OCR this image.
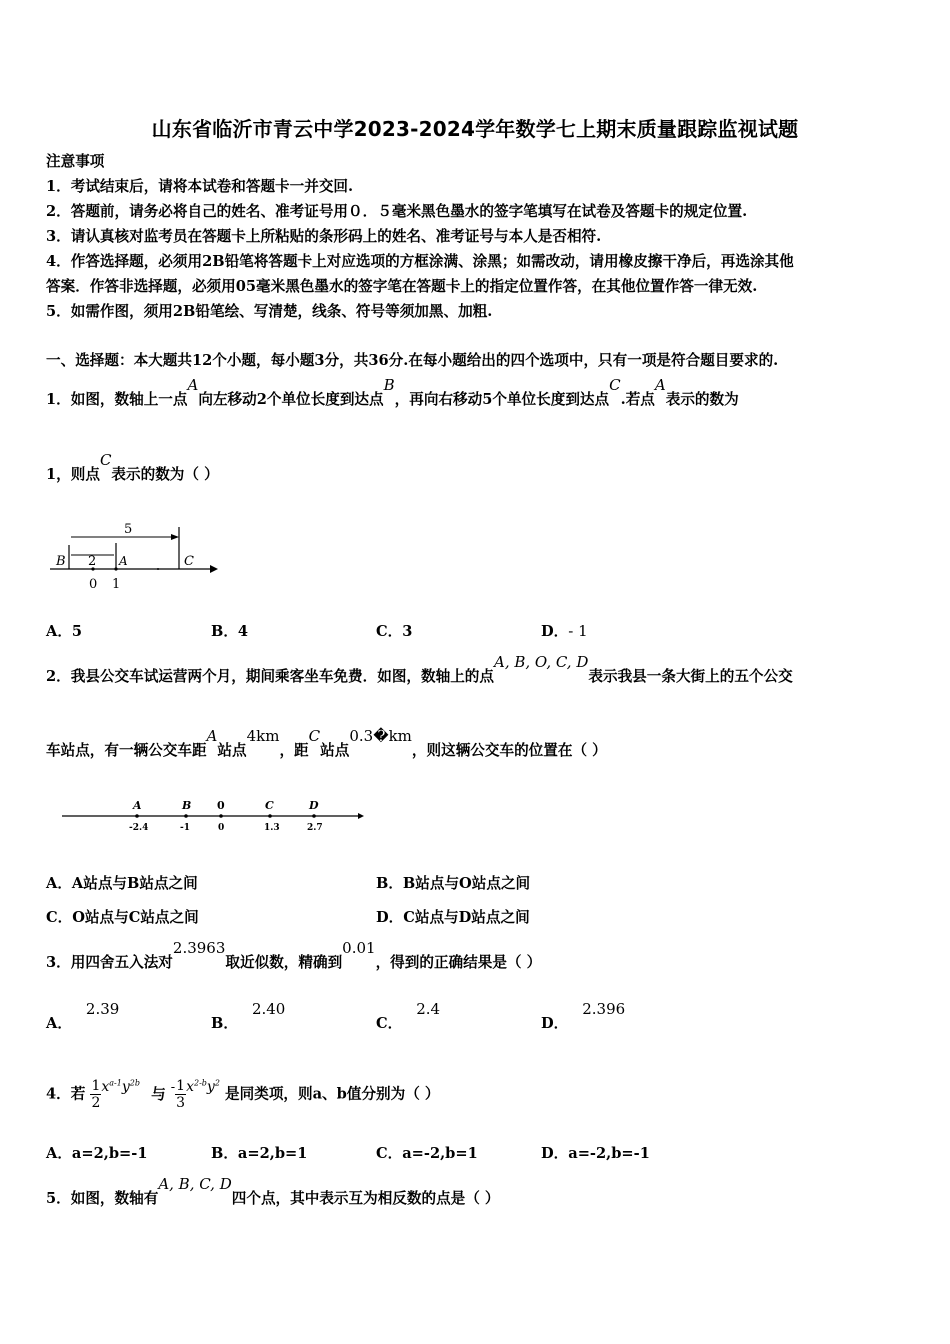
山东省临沂市青云中学2023-2024学年数学七上期末质量跟踪监视试题
注意事项
1．考试结束后，请将本试卷和答题卡一并交回.
2．答题前，请务必将自己的姓名、准考证号用０．５毫米黑色墨水的签字笔填写在试卷及答题卡的规定位置.
3．请认真核对监考员在答题卡上所粘贴的条形码上的姓名、准考证号与本人是否相符.
4．作答选择题，必须用2B铅笔将答题卡上对应选项的方框涂满、涂黑；如需改动，请用橡皮擦干净后，再选涂其他
答案．作答非选择题，必须用05毫米黑色墨水的签字笔在答题卡上的指定位置作答，在其他位置作答一律无效.
5．如需作图，须用2B铅笔绘、写清楚，线条、符号等须加黑、加粗.
一、选择题：本大题共12个小题，每小题3分，共36分.在每小题给出的四个选项中，只有一项是符合题目要求的.
1．如图，数轴上一点A向左移动2个单位长度到达点B，再向右移动5个单位长度到达点C.若点A表示的数为
1，则点C表示的数为（ ）
5
B 2 A	C
0 1
A．5	B．4	C．3	D．- 1
2．我县公交车试运营两个月，期间乘客坐车免费．如图，数轴上的点A, B, O, C, D表示我县一条大街上的五个公交
车站点，有一辆公交车距A站点4km，距C站点0.3�km，则这辆公交车的位置在（ ）
A
-2.4
B
-1
0
0
C
1.3
D
2.7
A．A站点与B站点之间	B．B站点与O站点之间
C．O站点与C站点之间	D．C站点与D站点之间
3．用四舍五入法对2.3963取近似数，精确到0.01，得到的正确结果是（ ）
A．2.39
B．2.40
C．2.4
D．2.396
4．若 $\frac{1}{2} x^{a-1}y^{2b}$ 与 - $\frac{1}{3} x^{2-b}y^2$ 是同类项，则a、b值分别为（ ）
A．a=2,b=-1	B．a=2,b=1	C．a=-2,b=1	D．a=-2,b=-1
5．如图，数轴有A, B, C, D四个点，其中表示互为相反数的点是（ ）
